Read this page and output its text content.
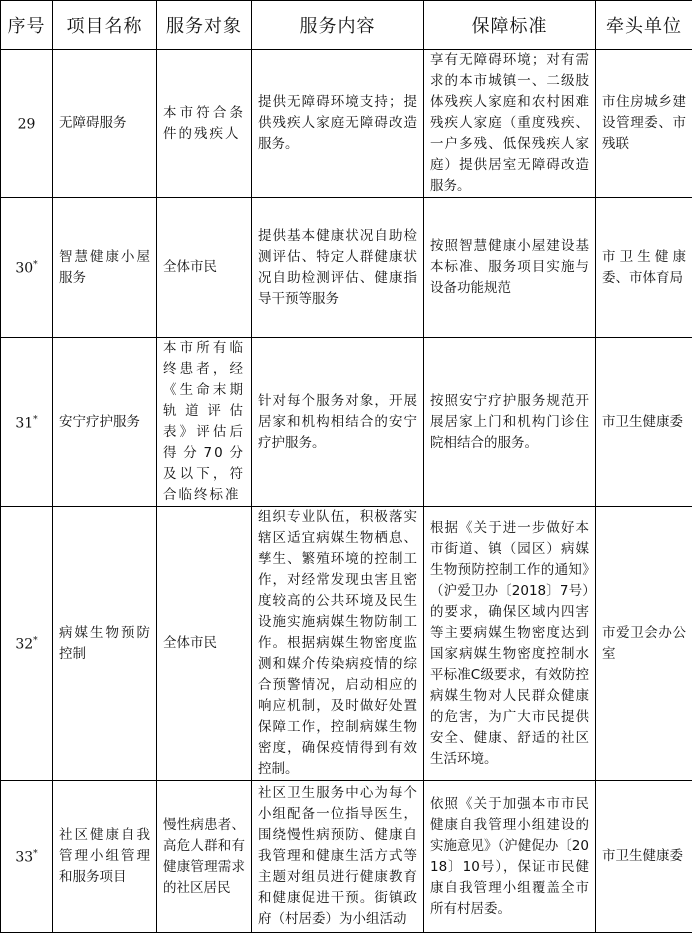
序号	项目名称	服务对象	服务内容	保障标准	牵头单位
29	无障碍服务	本市符合条件的残疾人	提供无障碍环境支持；提供残疾人家庭无障碍改造服务。	享有无障碍环境；对有需求的本市城镇一、二级肢体残疾人家庭和农村困难残疾人家庭（重度残疾、一户多残、低保残疾人家庭）提供居室无障碍改造服务。	市住房城乡建设管理委、市残联
30*	智慧健康小屋服务	全体市民	提供基本健康状况自助检测评估、特定人群健康状况自助检测评估、健康指导干预等服务	按照智慧健康小屋建设基本标准、服务项目实施与设备功能规范	市卫生健康委、市体育局
31*	安宁疗护服务	本市所有临终患者，经《生命末期轨道评估表》评估后得分70分及以下，符合临终标准	针对每个服务对象，开展居家和机构相结合的安宁疗护服务。	按照安宁疗护服务规范开展居家上门和机构门诊住院相结合的服务。	市卫生健康委
32*	病媒生物预防控制	全体市民	组织专业队伍，积极落实辖区适宜病媒生物栖息、孳生、繁殖环境的控制工作，对经常发现虫害且密度较高的公共环境及民生设施实施病媒生物防制工作。根据病媒生物密度监测和媒介传染病疫情的综合预警情况，启动相应的响应机制，及时做好处置保障工作，控制病媒生物密度，确保疫情得到有效控制。	根据《关于进一步做好本市街道、镇（园区）病媒生物预防控制工作的通知》（沪爱卫办〔2018〕7号）的要求，确保区域内四害等主要病媒生物密度达到国家病媒生物密度控制水平标准C级要求，有效防控病媒生物对人民群众健康的危害，为广大市民提供安全、健康、舒适的社区生活环境。	市爱卫会办公室
33*	社区健康自我管理小组管理和服务项目	慢性病患者、高危人群和有健康管理需求的社区居民	社区卫生服务中心为每个小组配备一位指导医生，围绕慢性病预防、健康自我管理和健康生活方式等主题对组员进行健康教育和健康促进干预。街镇政府（村居委）为小组活动	依照《关于加强本市市民健康自我管理小组建设的实施意见》（沪健促办〔2018〕10号），保证市民健康自我管理小组覆盖全市所有村居委。	市卫生健康委
